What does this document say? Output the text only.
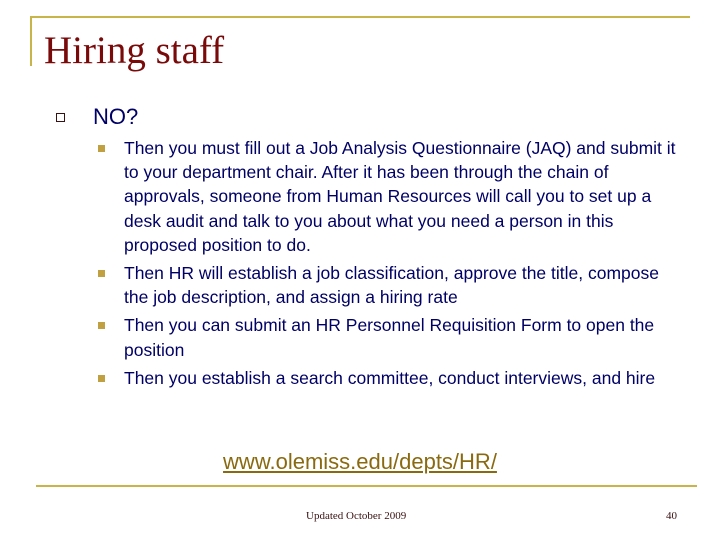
Hiring staff
NO?
Then you must fill out a Job Analysis Questionnaire (JAQ) and submit it to your department chair. After it has been through the chain of approvals, someone from Human Resources will call you to set up a desk audit and talk to you about what you need a person in this proposed position to do.
Then HR will establish a job classification, approve the title, compose the job description, and assign a hiring rate
Then you can submit an HR Personnel Requisition Form to open the position
Then you establish a search committee, conduct interviews, and hire
www.olemiss.edu/depts/HR/
Updated October 2009	40
